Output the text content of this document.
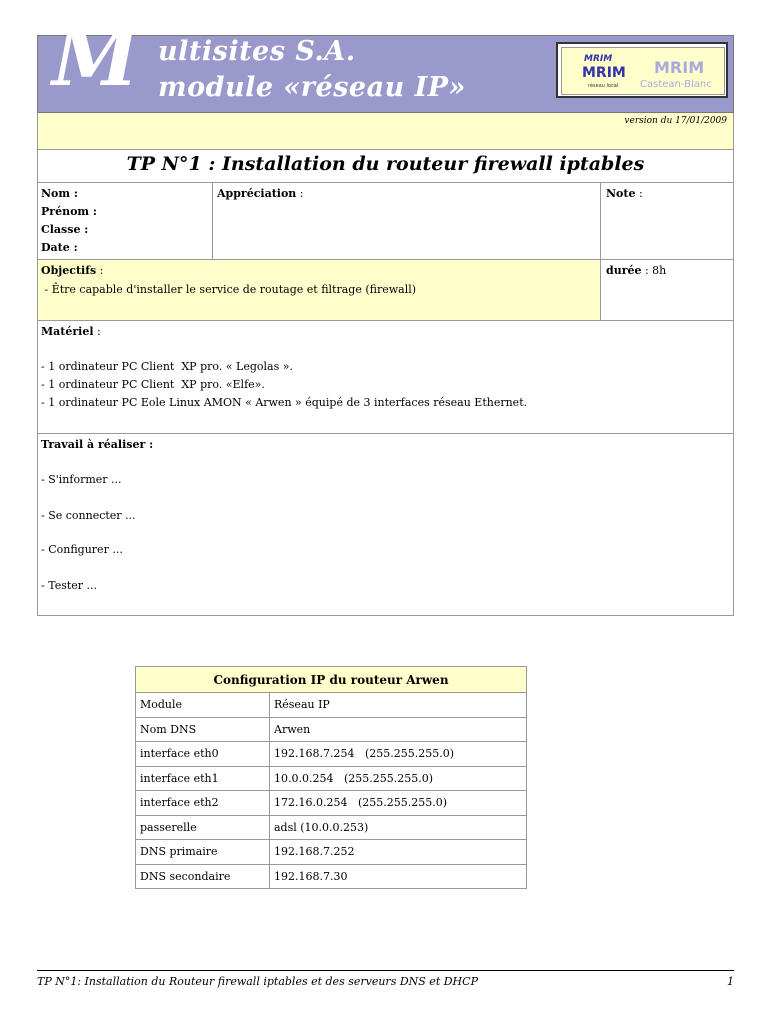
M ultisites S.A.
module «réseau IP»
MRIM
MRIM
réseau local
MRIM
Castean-Blanc
version du 17/01/2009
TP N°1 : Installation du routeur firewall iptables
Nom :
Prénom :
Classe :
Date :
Appréciation :	Note :
Objectifs :
- Être capable d'installer le service de routage et filtrage (firewall)
durée : 8h
Matériel :
- 1 ordinateur PC Client  XP pro. « Legolas ».
- 1 ordinateur PC Client  XP pro. «Elfe».
- 1 ordinateur PC Eole Linux AMON « Arwen » équipé de 3 interfaces réseau Ethernet.
Travail à réaliser :
- S'informer ...
- Se connecter ...
- Configurer ...
- Tester ...
Configuration IP du routeur Arwen	
Module	Réseau IP
Nom DNS	Arwen
interface eth0	192.168.7.254   (255.255.255.0)
interface eth1	10.0.0.254   (255.255.255.0)
interface eth2	172.16.0.254   (255.255.255.0)
passerelle	adsl (10.0.0.253)
DNS primaire	192.168.7.252
DNS secondaire	192.168.7.30
TP N°1: Installation du Routeur firewall iptables et des serveurs DNS et DHCP	1
